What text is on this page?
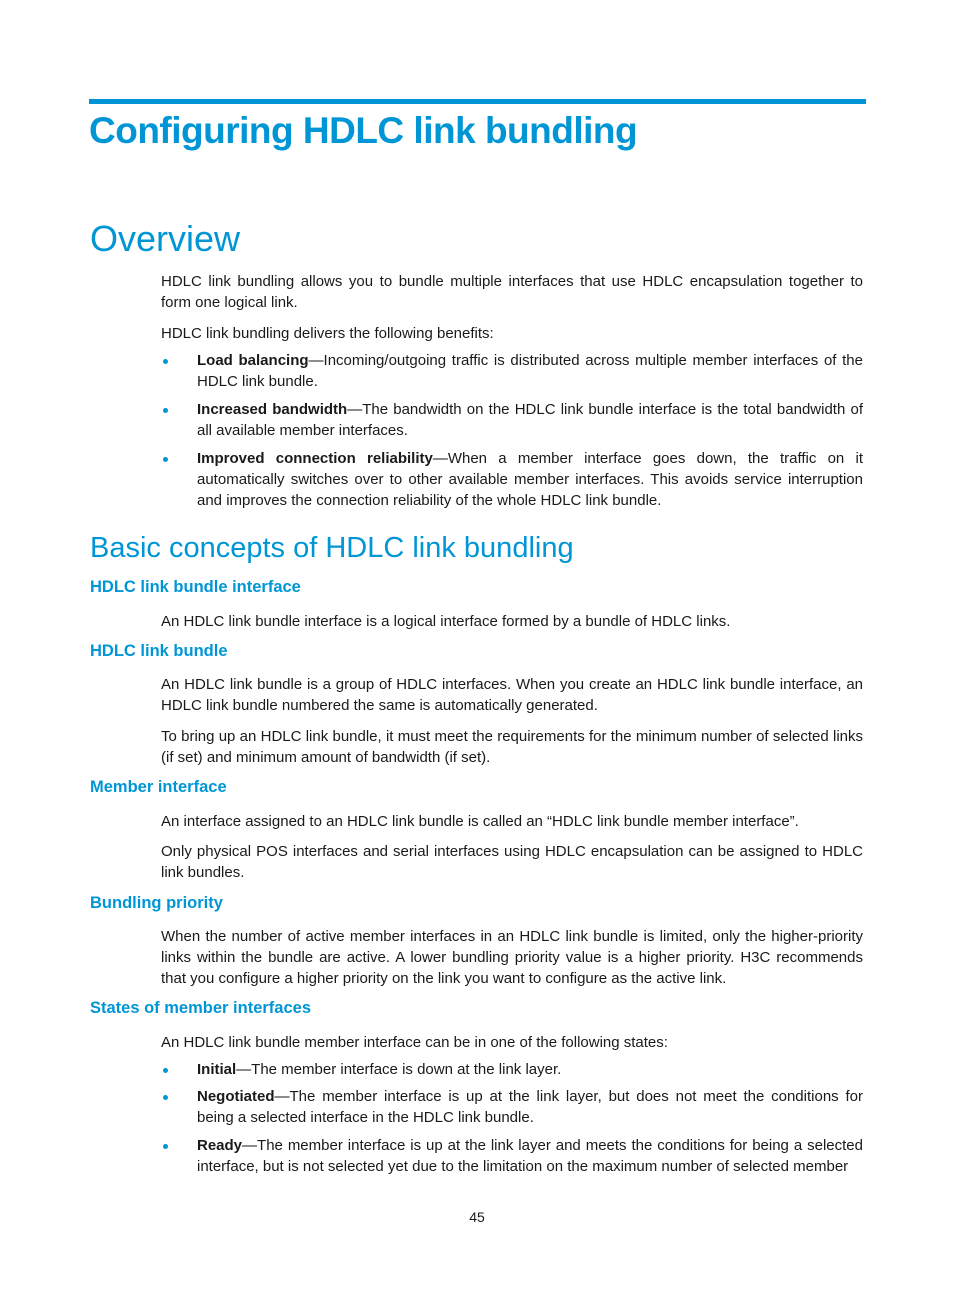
Configuring HDLC link bundling
Overview

HDLC link bundling allows you to bundle multiple interfaces that use HDLC encapsulation together to form one logical link.

HDLC link bundling delivers the following benefits:

Load balancing—Incoming/outgoing traffic is distributed across multiple member interfaces of the HDLC link bundle.
Increased bandwidth—The bandwidth on the HDLC link bundle interface is the total bandwidth of all available member interfaces.
Improved connection reliability—When a member interface goes down, the traffic on it automatically switches over to other available member interfaces. This avoids service interruption and improves the connection reliability of the whole HDLC link bundle.
Basic concepts of HDLC link bundling
HDLC link bundle interface

An HDLC link bundle interface is a logical interface formed by a bundle of HDLC links.

HDLC link bundle

An HDLC link bundle is a group of HDLC interfaces. When you create an HDLC link bundle interface, an HDLC link bundle numbered the same is automatically generated.

To bring up an HDLC link bundle, it must meet the requirements for the minimum number of selected links (if set) and minimum amount of bandwidth (if set).

Member interface

An interface assigned to an HDLC link bundle is called an “HDLC link bundle member interface”.

Only physical POS interfaces and serial interfaces using HDLC encapsulation can be assigned to HDLC link bundles.

Bundling priority

When the number of active member interfaces in an HDLC link bundle is limited, only the higher-priority links within the bundle are active. A lower bundling priority value is a higher priority. H3C recommends that you configure a higher priority on the link you want to configure as the active link.

States of member interfaces

An HDLC link bundle member interface can be in one of the following states:

Initial—The member interface is down at the link layer.
Negotiated—The member interface is up at the link layer, but does not meet the conditions for being a selected interface in the HDLC link bundle.
Ready—The member interface is up at the link layer and meets the conditions for being a selected interface, but is not selected yet due to the limitation on the maximum number of selected member
45
